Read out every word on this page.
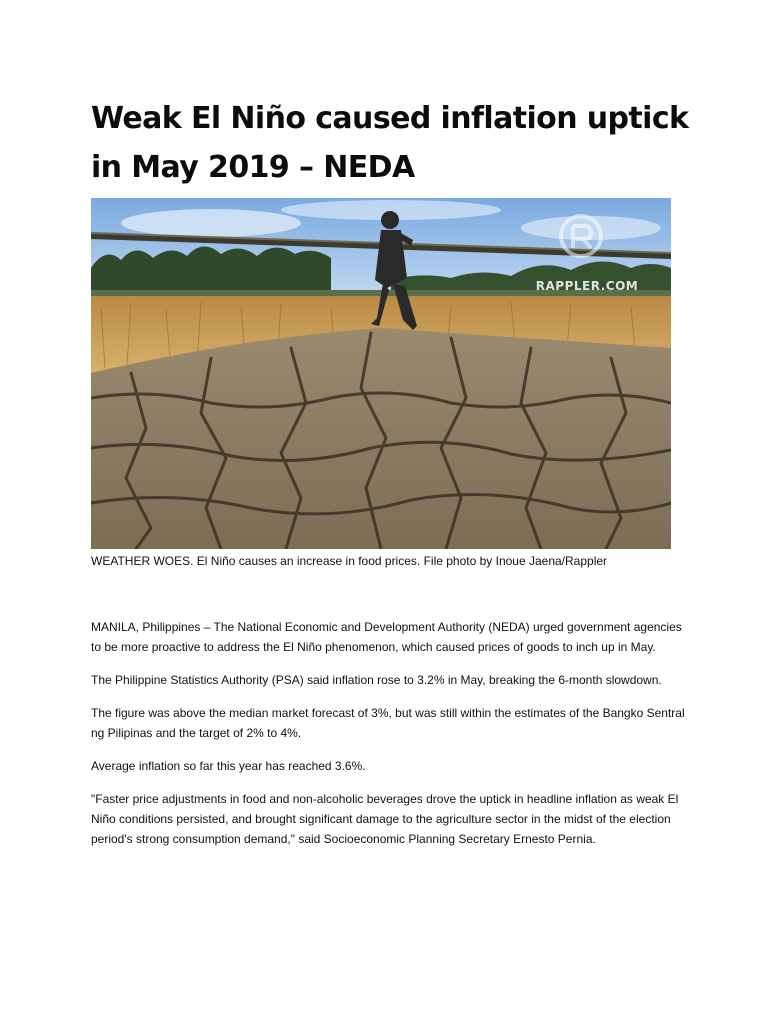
Weak El Niño caused inflation uptick in May 2019 – NEDA
RAPPLER.COM

WEATHER WOES. El Niño causes an increase in food prices. File photo by Inoue Jaena/Rappler

MANILA, Philippines – The National Economic and Development Authority (NEDA) urged government agencies to be more proactive to address the El Niño phenomenon, which caused prices of goods to inch up in May.

The Philippine Statistics Authority (PSA) said inflation rose to 3.2% in May, breaking the 6-month slowdown.

The figure was above the median market forecast of 3%, but was still within the estimates of the Bangko Sentral ng Pilipinas and the target of 2% to 4%.

Average inflation so far this year has reached 3.6%.

"Faster price adjustments in food and non-alcoholic beverages drove the uptick in headline inflation as weak El Niño conditions persisted, and brought significant damage to the agriculture sector in the midst of the election period's strong consumption demand," said Socioeconomic Planning Secretary Ernesto Pernia.
